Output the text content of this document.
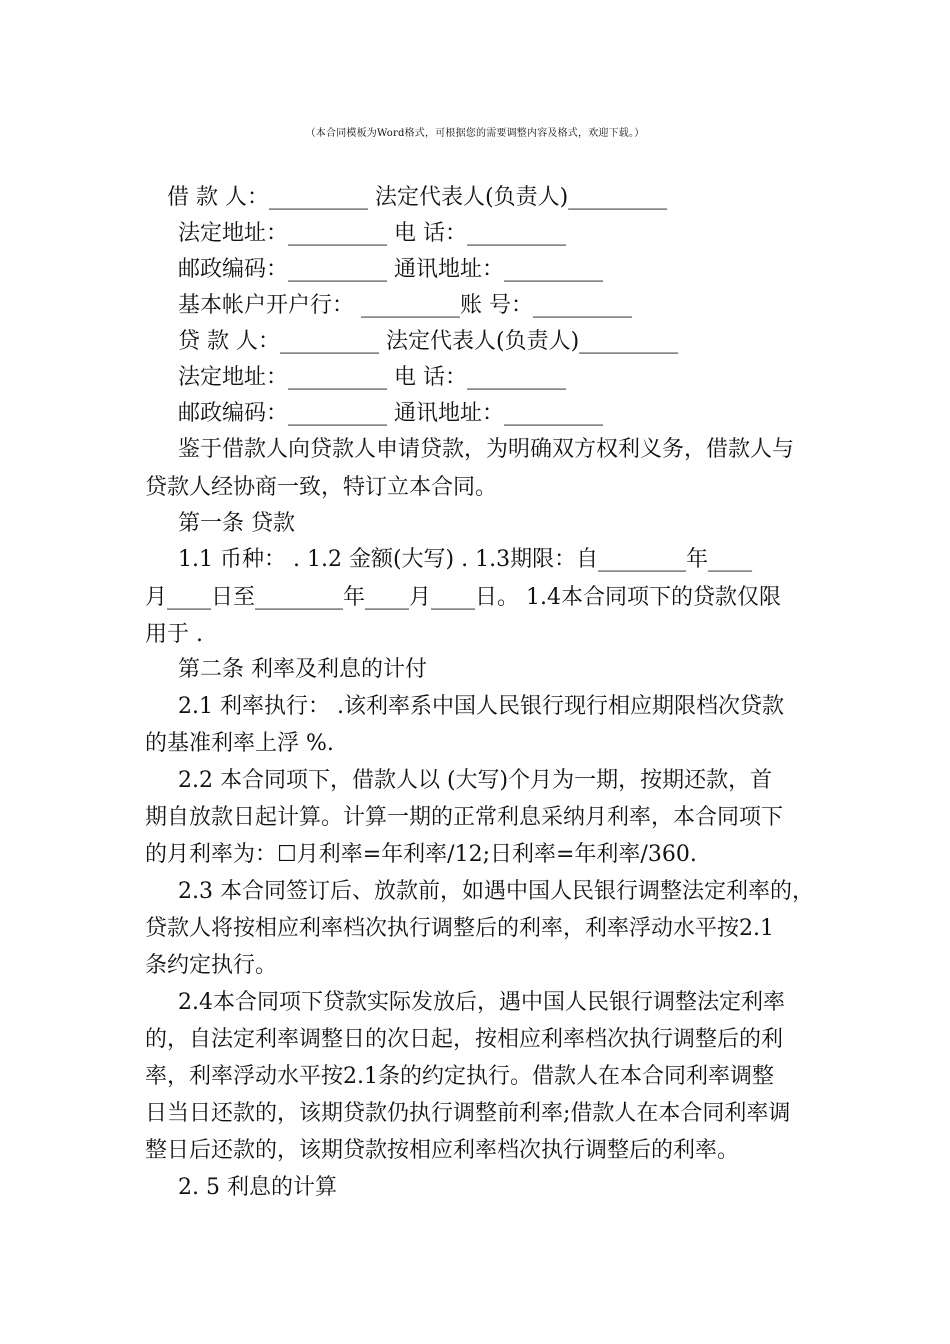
（本合同模板为Word格式，可根据您的需要调整内容及格式，欢迎下载。）
借 款 人：_________ 法定代表人(负责人)_________
法定地址：_________ 电 话：_________
邮政编码：_________ 通讯地址：_________
基本帐户开户行： _________账 号：_________
贷 款 人：_________ 法定代表人(负责人)_________
法定地址：_________ 电 话：_________
邮政编码：_________ 通讯地址：_________
鉴于借款人向贷款人申请贷款，为明确双方权利义务，借款人与
贷款人经协商一致，特订立本合同。
第一条 贷款
1.1 币种： . 1.2 金额(大写) . 1.3期限：自________年____
月____日至________年____月____日。 1.4本合同项下的贷款仅限
用于 .
第二条 利率及利息的计付
2.1 利率执行： .该利率系中国人民银行现行相应期限档次贷款
的基准利率上浮 %.
2.2 本合同项下，借款人以 (大写)个月为一期，按期还款，首
期自放款日起计算。计算一期的正常利息采纳月利率，本合同项下
的月利率为：☐月利率=年利率/12;日利率=年利率/360.
2.3 本合同签订后、放款前，如遇中国人民银行调整法定利率的，
贷款人将按相应利率档次执行调整后的利率，利率浮动水平按2.1
条约定执行。
2.4本合同项下贷款实际发放后，遇中国人民银行调整法定利率
的，自法定利率调整日的次日起，按相应利率档次执行调整后的利
率，利率浮动水平按2.1条的约定执行。借款人在本合同利率调整
日当日还款的，该期贷款仍执行调整前利率;借款人在本合同利率调
整日后还款的，该期贷款按相应利率档次执行调整后的利率。
2. 5 利息的计算
